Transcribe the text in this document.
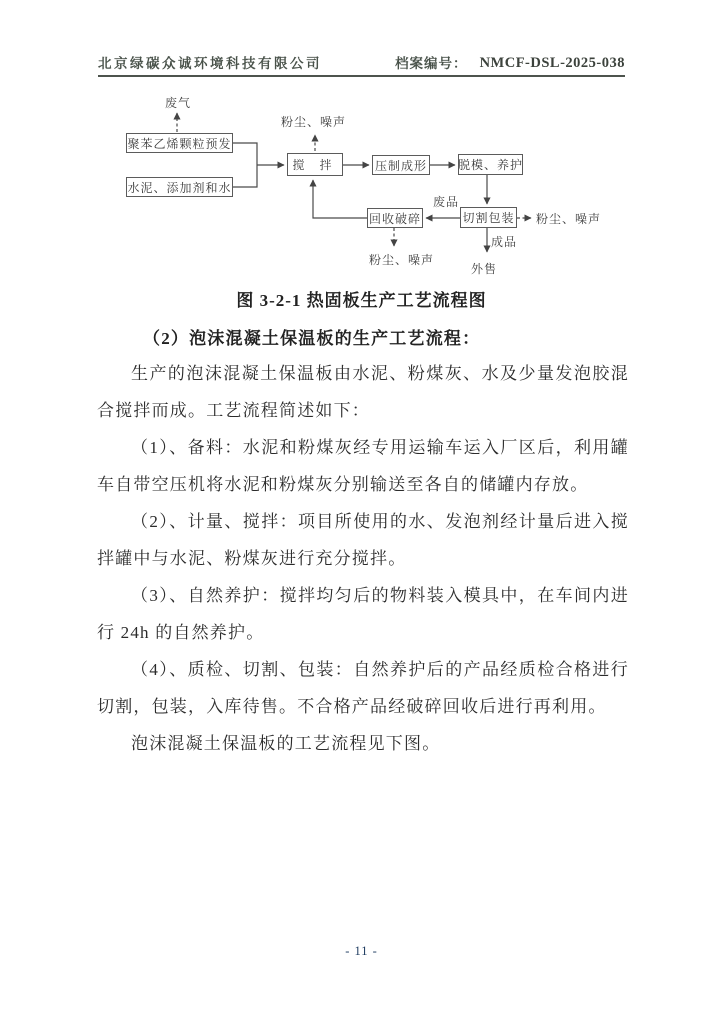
北京绿碳众诚环境科技有限公司	档案编号： NMCF-DSL-2025-038
聚苯乙烯颗粒预发
水泥、添加剂和水
搅 拌	压制成形	脱模、养护
切割包装
回收破碎
废气
粉尘、噪声
废品
粉尘、噪声
粉尘、噪声
成品
外售
图 3-2-1 热固板生产工艺流程图
（2）泡沫混凝土保温板的生产工艺流程：

生产的泡沫混凝土保温板由水泥、粉煤灰、水及少量发泡胶混合搅拌而成。工艺流程简述如下：

（1）、备料：水泥和粉煤灰经专用运输车运入厂区后，利用罐车自带空压机将水泥和粉煤灰分别输送至各自的储罐内存放。

（2）、计量、搅拌：项目所使用的水、发泡剂经计量后进入搅拌罐中与水泥、粉煤灰进行充分搅拌。

（3）、自然养护：搅拌均匀后的物料装入模具中，在车间内进行 24h 的自然养护。

（4）、质检、切割、包装：自然养护后的产品经质检合格进行切割，包装，入库待售。不合格产品经破碎回收后进行再利用。

泡沫混凝土保温板的工艺流程见下图。

- 11 -
